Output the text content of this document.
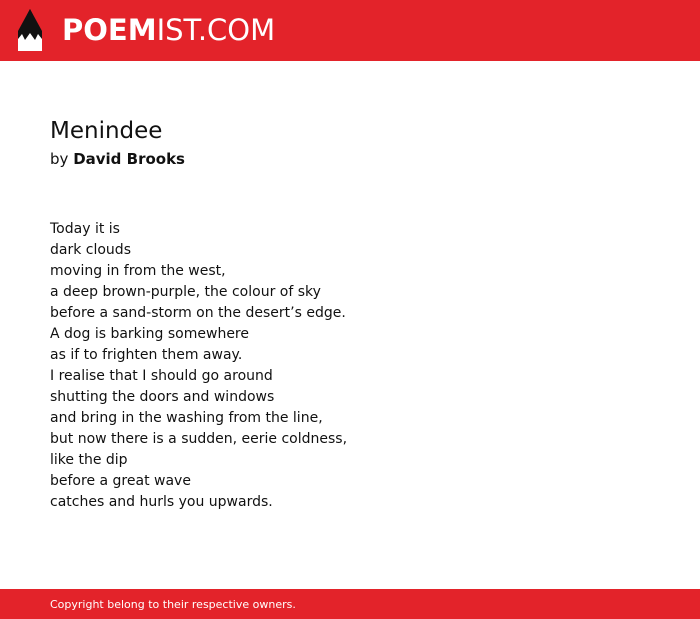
POEMIST.COM
Menindee
by David Brooks
Today it is
dark clouds
moving in from the west,
a deep brown-purple, the colour of sky
before a sand-storm on the desert’s edge.
A dog is barking somewhere
as if to frighten them away.
I realise that I should go around
shutting the doors and windows
and bring in the washing from the line,
but now there is a sudden, eerie coldness,
like the dip
before a great wave
catches and hurls you upwards.
Copyright belong to their respective owners.
